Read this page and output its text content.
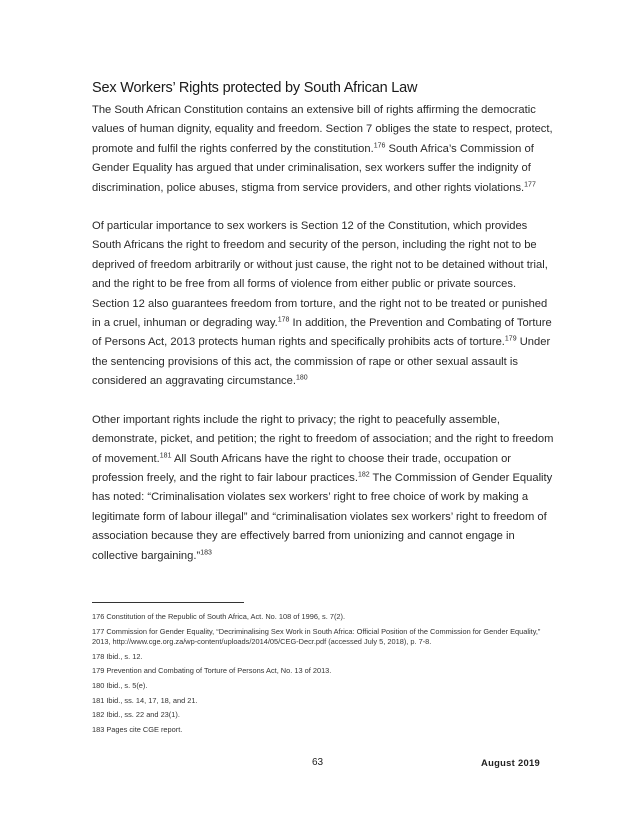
Sex Workers’ Rights protected by South African Law

The South African Constitution contains an extensive bill of rights affirming the democratic values of human dignity, equality and freedom. Section 7 obliges the state to respect, protect, promote and fulfil the rights conferred by the constitution.$^{176}$ South Africa’s Commission of Gender Equality has argued that under criminalisation, sex workers suffer the indignity of discrimination, police abuses, stigma from service providers, and other rights violations.$^{177}$

Of particular importance to sex workers is Section 12 of the Constitution, which provides South Africans the right to freedom and security of the person, including the right not to be deprived of freedom arbitrarily or without just cause, the right not to be detained without trial, and the right to be free from all forms of violence from either public or private sources. Section 12 also guarantees freedom from torture, and the right not to be treated or punished in a cruel, inhuman or degrading way.$^{178}$ In addition, the Prevention and Combating of Torture of Persons Act, 2013 protects human rights and specifically prohibits acts of torture.$^{179}$ Under the sentencing provisions of this act, the commission of rape or other sexual assault is considered an aggravating circumstance.$^{180}$

Other important rights include the right to privacy; the right to peacefully assemble, demonstrate, picket, and petition; the right to freedom of association; and the right to freedom of movement.$^{181}$ All South Africans have the right to choose their trade, occupation or profession freely, and the right to fair labour practices.$^{182}$ The Commission of Gender Equality has noted: “Criminalisation violates sex workers’ right to free choice of work by making a legitimate form of labour illegal” and “criminalisation violates sex workers’ right to freedom of association because they are effectively barred from unionizing and cannot engage in collective bargaining.”$^{183}$

176 Constitution of the Republic of South Africa, Act. No. 108 of 1996, s. 7(2).

177 Commission for Gender Equality, “Decriminalising Sex Work in South Africa: Official Position of the Commission for Gender Equality,” 2013, http://www.cge.org.za/wp-content/uploads/2014/05/CEG-Decr.pdf (accessed July 5, 2018), p. 7-8.

178 Ibid., s. 12.

179 Prevention and Combating of Torture of Persons Act, No. 13 of 2013.

180 Ibid., s. 5(e).

181 Ibid., ss. 14, 17, 18, and 21.

182 Ibid., ss. 22 and 23(1).

183 Pages cite CGE report.

63	August 2019
